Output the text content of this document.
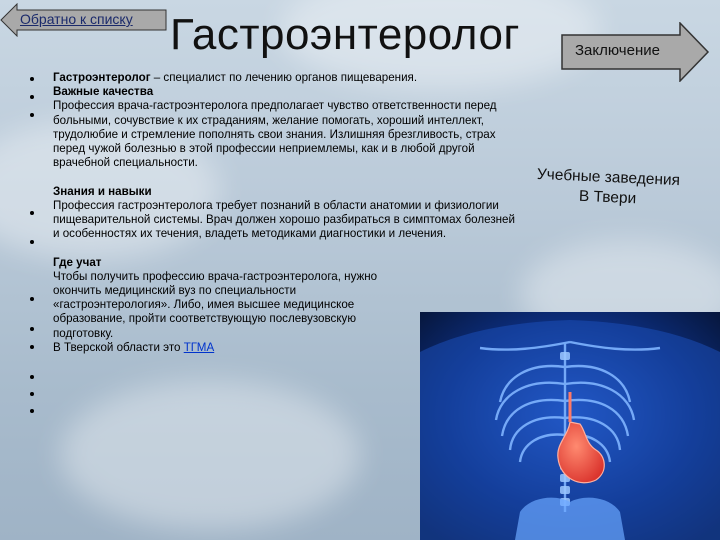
Обратно к списку Гастроэнтеролог	Заключение

Гастроэнтеролог – специалист по лечению органов пищеварения.

Важные качества

Профессия врача-гастроэнтеролога предполагает чувство ответственности перед больными, сочувствие к их страданиям, желание помогать, хороший интеллект, трудолюбие и стремление пополнять свои знания. Излишняя брезгливость, страх перед чужой болезнью в этой профессии неприемлемы, как и в любой другой врачебной специальности.

Знания и навыки

Профессия гастроэнтеролога требует познаний в области анатомии и физиологии пищеварительной системы. Врач должен хорошо разбираться в симптомах болезней и особенностях их течения, владеть методиками диагностики и лечения.

Где учат

Чтобы получить профессию врача-гастроэнтеролога, нужно окончить медицинский вуз по специальности «гастроэнтерология». Либо, имея высшее медицинское образование, пройти соответствующую послевузовскую подготовку.

В Тверской области это ТГМА

Учебные заведения
В Твери
